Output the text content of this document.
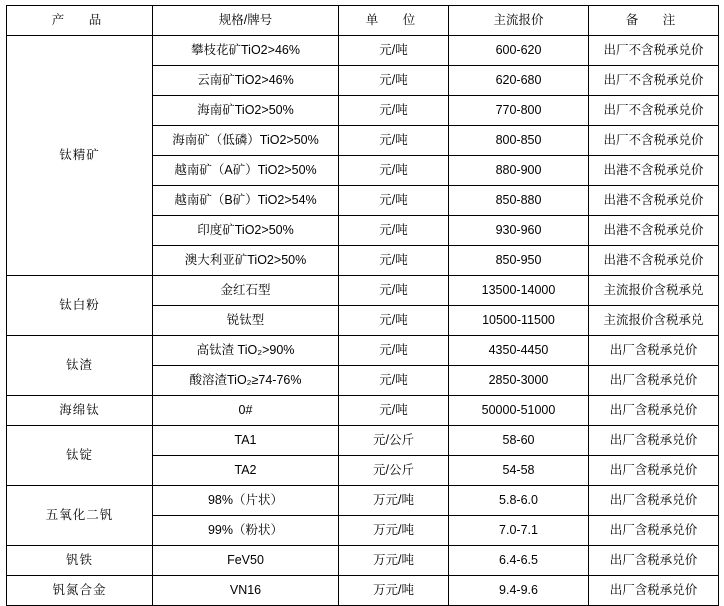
产　品	规格/牌号	单　位	主流报价	备　注
钛精矿	攀枝花矿TiO2>46%	元/吨	600-620	出厂不含税承兑价
	云南矿TiO2>46%	元/吨	620-680	出厂不含税承兑价
	海南矿TiO2>50%	元/吨	770-800	出厂不含税承兑价
	海南矿（低磷）TiO2>50%	元/吨	800-850	出厂不含税承兑价
	越南矿（A矿）TiO2>50%	元/吨	880-900	出港不含税承兑价
	越南矿（B矿）TiO2>54%	元/吨	850-880	出港不含税承兑价
	印度矿TiO2>50%	元/吨	930-960	出港不含税承兑价
	澳大利亚矿TiO2>50%	元/吨	850-950	出港不含税承兑价
钛白粉	金红石型	元/吨	13500-14000	主流报价含税承兑
	锐钛型	元/吨	10500-11500	主流报价含税承兑
钛渣	高钛渣 TiO₂>90%	元/吨	4350-4450	出厂含税承兑价
	酸溶渣TiO₂≥74-76%	元/吨	2850-3000	出厂含税承兑价
海绵钛	0#	元/吨	50000-51000	出厂含税承兑价
钛锭	TA1	元/公斤	58-60	出厂含税承兑价
	TA2	元/公斤	54-58	出厂含税承兑价
五氧化二钒	98%（片状）	万元/吨	5.8-6.0	出厂含税承兑价
	99%（粉状）	万元/吨	7.0-7.1	出厂含税承兑价
钒铁	FeV50	万元/吨	6.4-6.5	出厂含税承兑价
钒氮合金	VN16	万元/吨	9.4-9.6	出厂含税承兑价
